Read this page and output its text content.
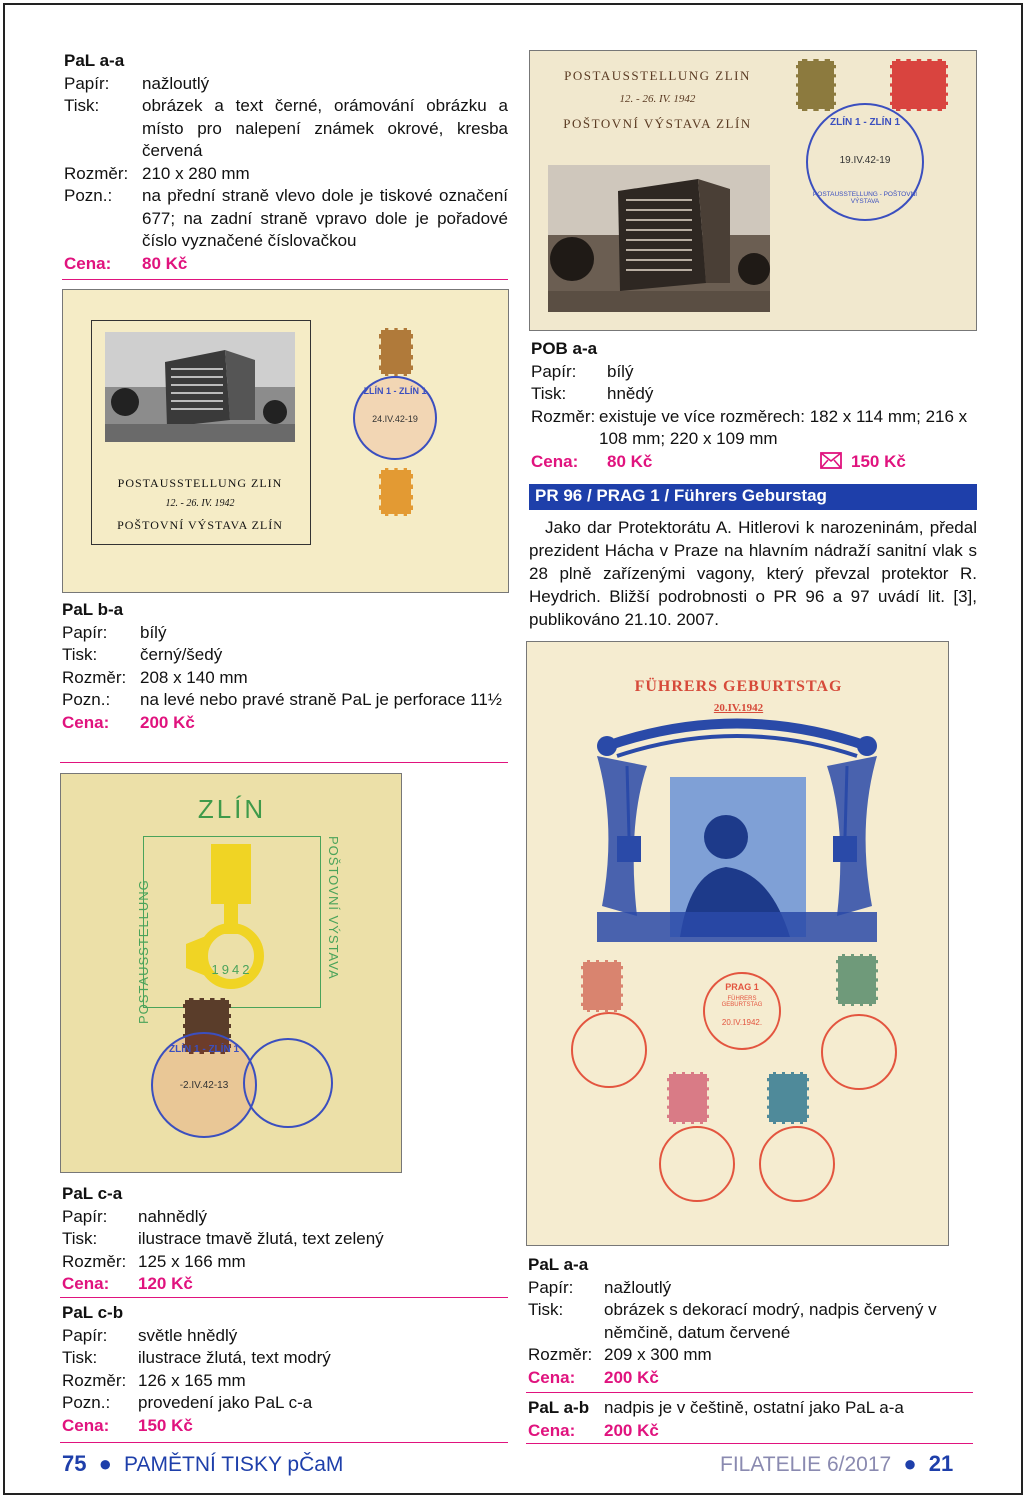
PaL a-a
Papír:	nažloutlý
Tisk:	obrázek a text černé, orámování obrázku a místo pro nalepení známek okrové, kresba červená
Rozměr: 210 x 280 mm
Pozn.:	na přední straně vlevo dole je tiskové označení 677; na zadní straně vpravo dole je pořadové číslo vyznačené číslovačkou
Cena:	80 Kč
POSTAUSSTELLUNG ZLIN
12. - 26. IV. 1942
POŠTOVNÍ VÝSTAVA ZLÍN
ZLÍN 1 - ZLÍN 1
24.IV.42-19
PaL b-a
Papír:	bílý
Tisk:	černý/šedý
Rozměr: 208 x 140 mm
Pozn.:	na levé nebo pravé straně PaL je perforace 11½
Cena:	200 Kč
ZLÍN
POSTAUSSTELLUNG	POŠTOVNÍ VÝSTAVA
1942
ZLÍN 1 - ZLÍN 1
-2.IV.42-13
PaL c-a
Papír:	nahnědlý
Tisk:	ilustrace tmavě žlutá, text zelený
Rozměr: 125 x 166 mm
Cena:	120 Kč
PaL c-b
Papír:	světle hnědlý
Tisk:	ilustrace žlutá, text modrý
Rozměr: 126 x 165 mm
Pozn.:	provedení jako PaL c-a
Cena:	150 Kč
POSTAUSSTELLUNG ZLIN
12. - 26. IV. 1942
POŠTOVNÍ VÝSTAVA ZLÍN	ZLÍN 1 - ZLÍN 1
19.IV.42-19
POSTAUSSTELLUNG - POŠTOVNÍ VÝSTAVA
POB a-a
Papír:	bílý
Tisk:	hnědý
Rozměr: existuje ve více rozměrech: 182 x 114 mm; 216 x 108 mm; 220 x 109 mm
Cena:	80 Kč	150 Kč
PR 96 / PRAG 1 / Führers Geburstag
Jako dar Protektorátu A. Hitlerovi k narozeninám, předal prezident Hácha v Praze na hlavním nádraží sanitní vlak s 28 plně zařízenými vagony, který převzal protektor R. Heydrich. Bližší podrobnosti o PR 96 a 97 uvádí lit. [3], publikováno 21.10. 2007.
FÜHRERS GEBURTSTAG
20.IV.1942
PRAG 1
FÜHRERS GEBURTSTAG
20.IV.1942.
PaL a-a
Papír:	nažloutlý
Tisk:	obrázek s dekorací modrý, nadpis červený v němčině, datum červené
Rozměr: 209 x 300 mm
Cena:	200 Kč
PaL a-b nadpis je v češtině, ostatní jako PaL a-a
Cena:	200 Kč
75 ● PAMĚTNÍ TISKY pČaM	FILATELIE 6/2017 ● 21
